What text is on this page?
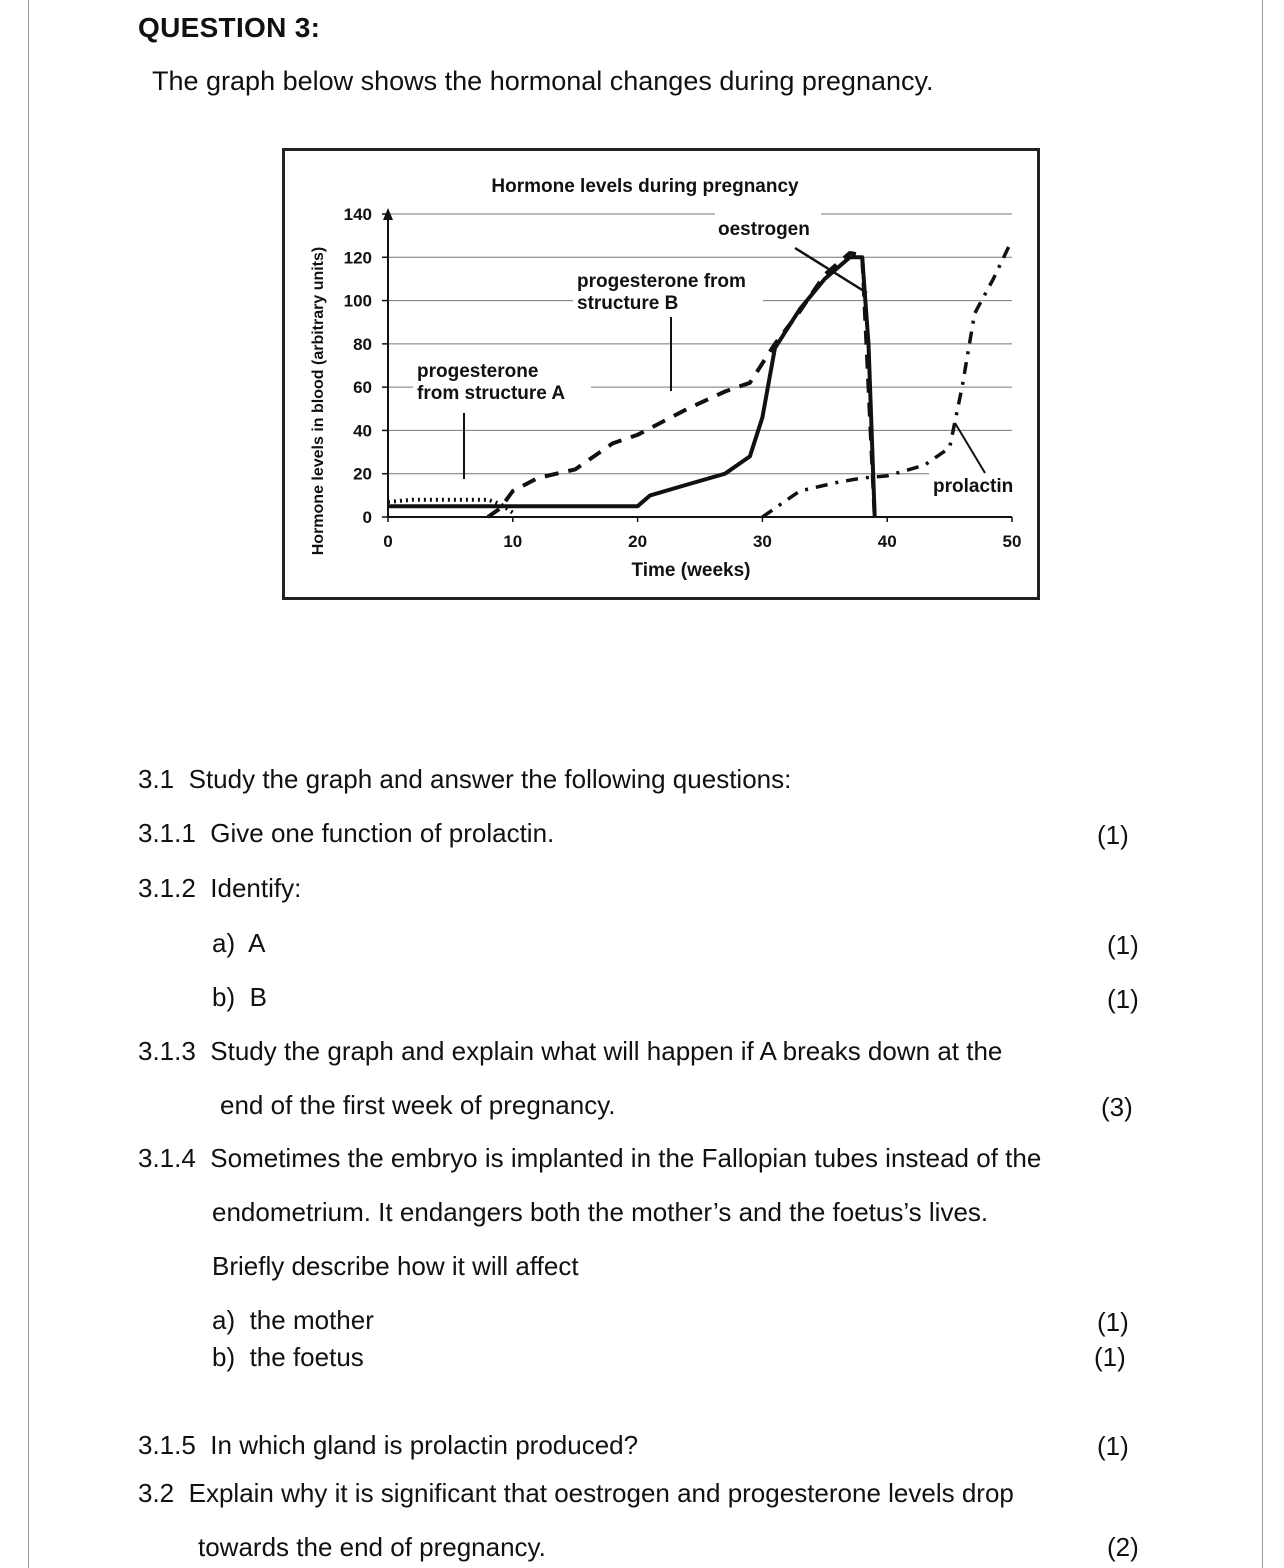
QUESTION 3:
The graph below shows the hormonal changes during pregnancy.
0
20
40
60
80
100
120
140
0	10	20	30	40	50
Hormone levels during pregnancy
Hormone levels in blood (arbitrary units)
Time (weeks)
oestrogen
progesterone from
structure B
progesterone
from structure A
prolactin
3.1 Study the graph and answer the following questions:
3.1.1 Give one function of prolactin.	(1)
3.1.2 Identify:
a) A	(1)
b) B	(1)
3.1.3 Study the graph and explain what will happen if A breaks down at the
end of the first week of pregnancy.	(3)
3.1.4 Sometimes the embryo is implanted in the Fallopian tubes instead of the
endometrium. It endangers both the mother’s and the foetus’s lives.
Briefly describe how it will affect
a) the mother	(1)
b) the foetus	(1)
3.1.5 In which gland is prolactin produced?	(1)
3.2 Explain why it is significant that oestrogen and progesterone levels drop
towards the end of pregnancy.	(2)
